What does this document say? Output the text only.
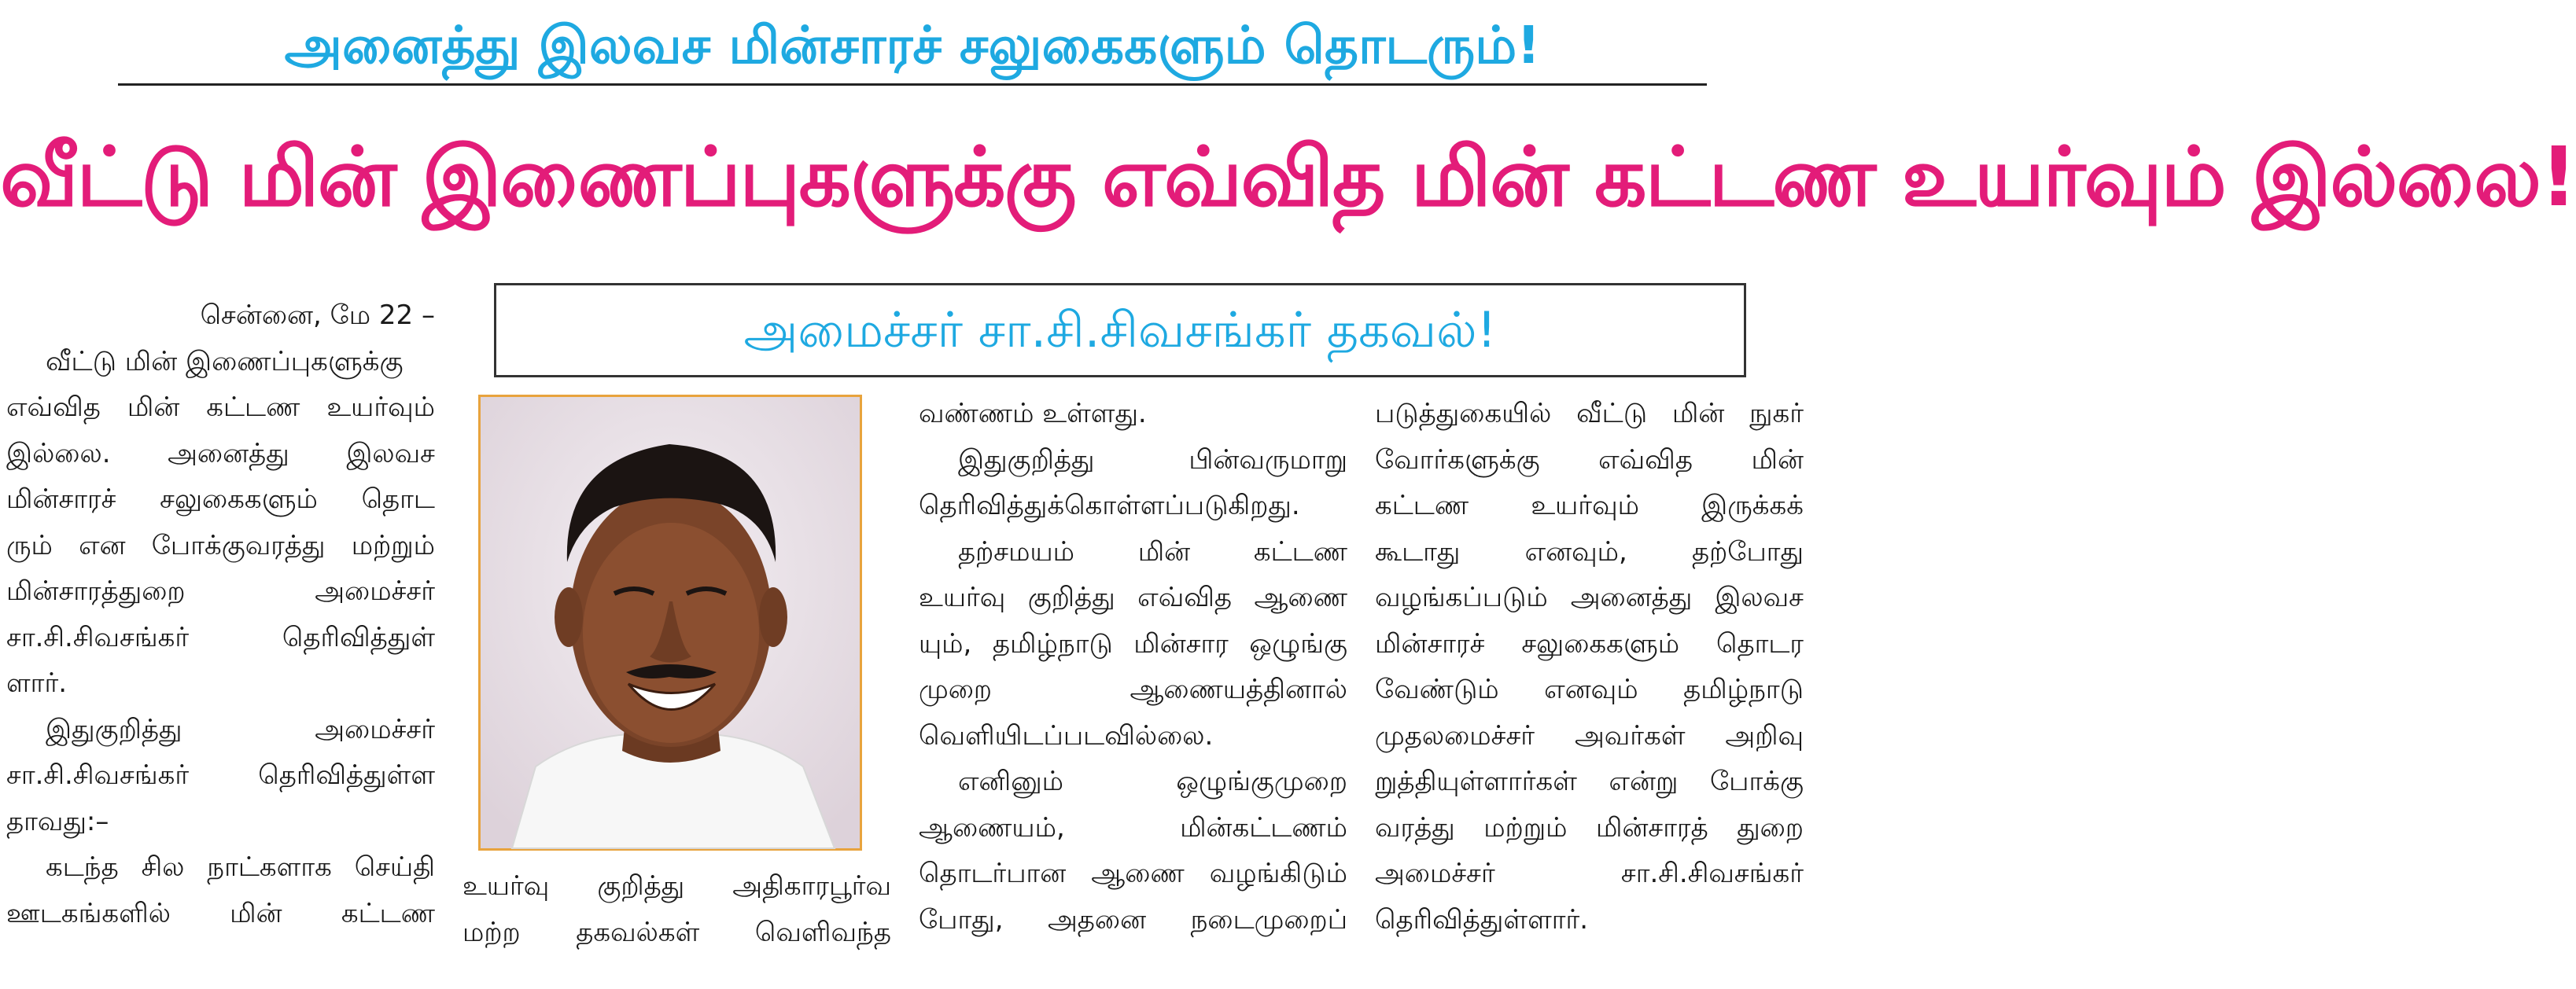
அனைத்து இலவச மின்சாரச் சலுகைகளும் தொடரும்!
வீட்டு மின் இணைப்புகளுக்கு எவ்வித மின் கட்டண உயர்வும் இல்லை!
அமைச்சர் சா.சி.சிவசங்கர் தகவல்!
சென்னை, மே 22 –
வீட்டு மின் இணைப்புகளுக்கு
எவ்வித மின் கட்டண உயர்வும்
இல்லை. அனைத்து இலவச
மின்சாரச் சலுகைகளும் தொட
ரும் என போக்குவரத்து மற்றும்
மின்சாரத்துறை	அமைச்சர்
சா.சி.சிவசங்கர்	தெரிவித்துள்
ளார்.
இதுகுறித்து	அமைச்சர்
சா.சி.சிவசங்கர் தெரிவித்துள்ள
தாவது:–
கடந்த சில நாட்களாக செய்தி
ஊடகங்களில் மின் கட்டண
உயர்வு குறித்து அதிகாரபூர்வ
மற்ற தகவல்கள் வெளிவந்த
வண்ணம் உள்ளது.
இதுகுறித்து	பின்வருமாறு
தெரிவித்துக்கொள்ளப்படுகிறது.
தற்சமயம் மின் கட்டண
உயர்வு குறித்து எவ்வித ஆணை
யும், தமிழ்நாடு மின்சார ஒழுங்கு
முறை	ஆணையத்தினால்
வெளியிடப்படவில்லை.
எனினும்	ஒழுங்குமுறை
ஆணையம்,	மின்கட்டணம்
தொடர்பான ஆணை வழங்கிடும்
போது, அதனை நடைமுறைப்
படுத்துகையில் வீட்டு மின் நுகர்
வோர்களுக்கு எவ்வித மின்
கட்டண உயர்வும் இருக்கக்
கூடாது எனவும், தற்போது
வழங்கப்படும் அனைத்து இலவச
மின்சாரச் சலுகைகளும் தொடர
வேண்டும் எனவும் தமிழ்நாடு
முதலமைச்சர் அவர்கள் அறிவு
றுத்தியுள்ளார்கள் என்று போக்கு
வரத்து மற்றும் மின்சாரத் துறை
அமைச்சர்	சா.சி.சிவசங்கர்
தெரிவித்துள்ளார்.
